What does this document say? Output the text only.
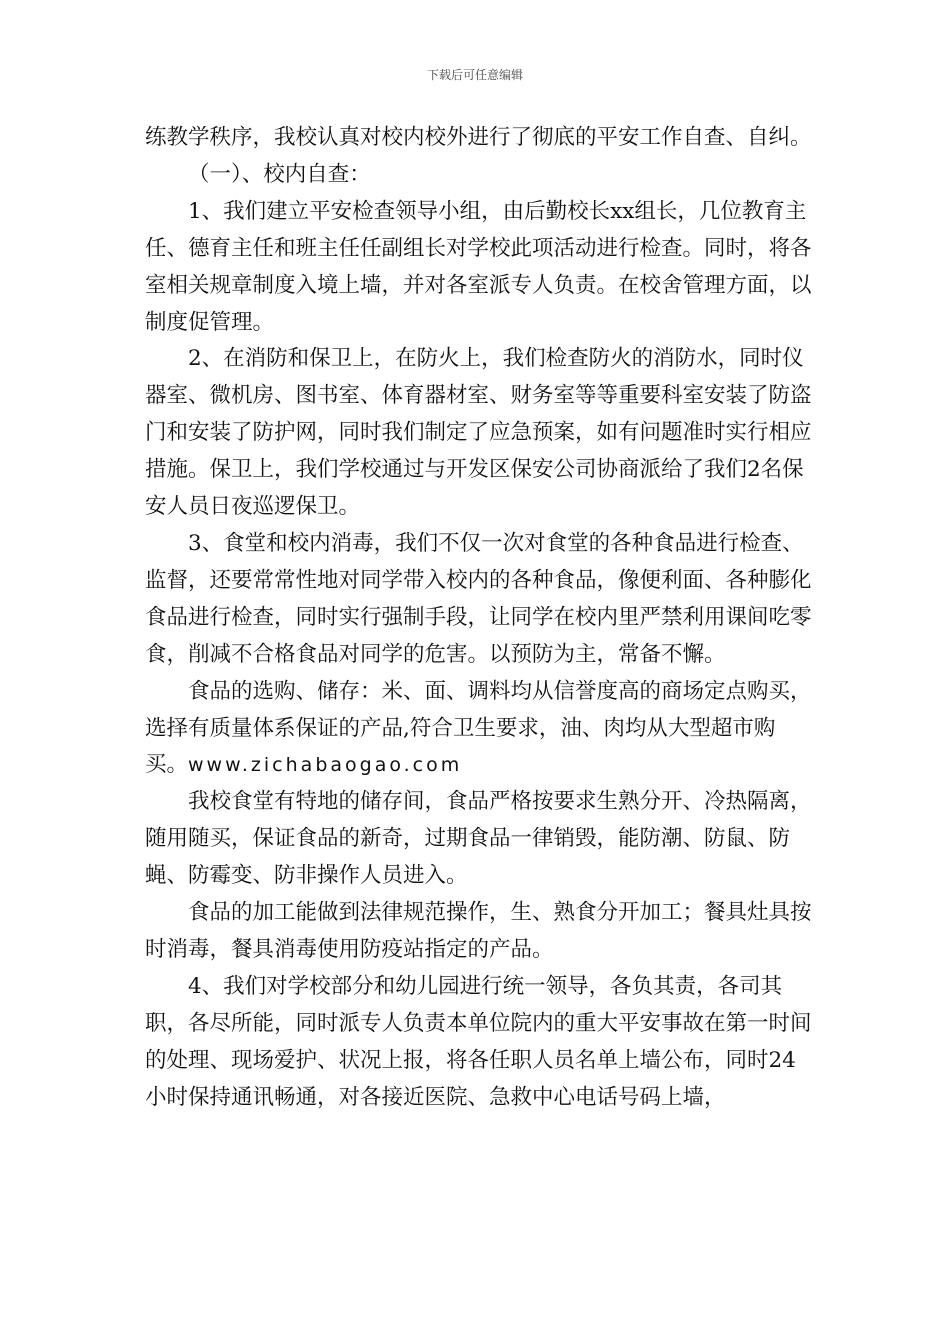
下载后可任意编辑

练教学秩序，我校认真对校内校外进行了彻底的平安工作自查、自纠。

（一）、校内自查：

1、我们建立平安检查领导小组，由后勤校长xx组长，几位教育主任、德育主任和班主任任副组长对学校此项活动进行检查。同时，将各室相关规章制度入境上墙，并对各室派专人负责。在校舍管理方面，以制度促管理。

2、在消防和保卫上，在防火上，我们检查防火的消防水，同时仪器室、微机房、图书室、体育器材室、财务室等等重要科室安装了防盗门和安装了防护网，同时我们制定了应急预案，如有问题准时实行相应措施。保卫上，我们学校通过与开发区保安公司协商派给了我们2名保安人员日夜巡逻保卫。

3、食堂和校内消毒，我们不仅一次对食堂的各种食品进行检查、监督，还要常常性地对同学带入校内的各种食品，像便利面、各种膨化食品进行检查，同时实行强制手段，让同学在校内里严禁利用课间吃零食，削减不合格食品对同学的危害。以预防为主，常备不懈。

食品的选购、储存：米、面、调料均从信誉度高的商场定点购买，选择有质量体系保证的产品,符合卫生要求，油、肉均从大型超市购买。www.zichabaogao.com

我校食堂有特地的储存间，食品严格按要求生熟分开、冷热隔离，随用随买，保证食品的新奇，过期食品一律销毁，能防潮、防鼠、防蝇、防霉变、防非操作人员进入。

食品的加工能做到法律规范操作，生、熟食分开加工；餐具灶具按时消毒，餐具消毒使用防疫站指定的产品。

4、我们对学校部分和幼儿园进行统一领导，各负其责，各司其职，各尽所能，同时派专人负责本单位院内的重大平安事故在第一时间的处理、现场爱护、状况上报，将各任职人员名单上墙公布，同时24小时保持通讯畅通，对各接近医院、急救中心电话号码上墙，
